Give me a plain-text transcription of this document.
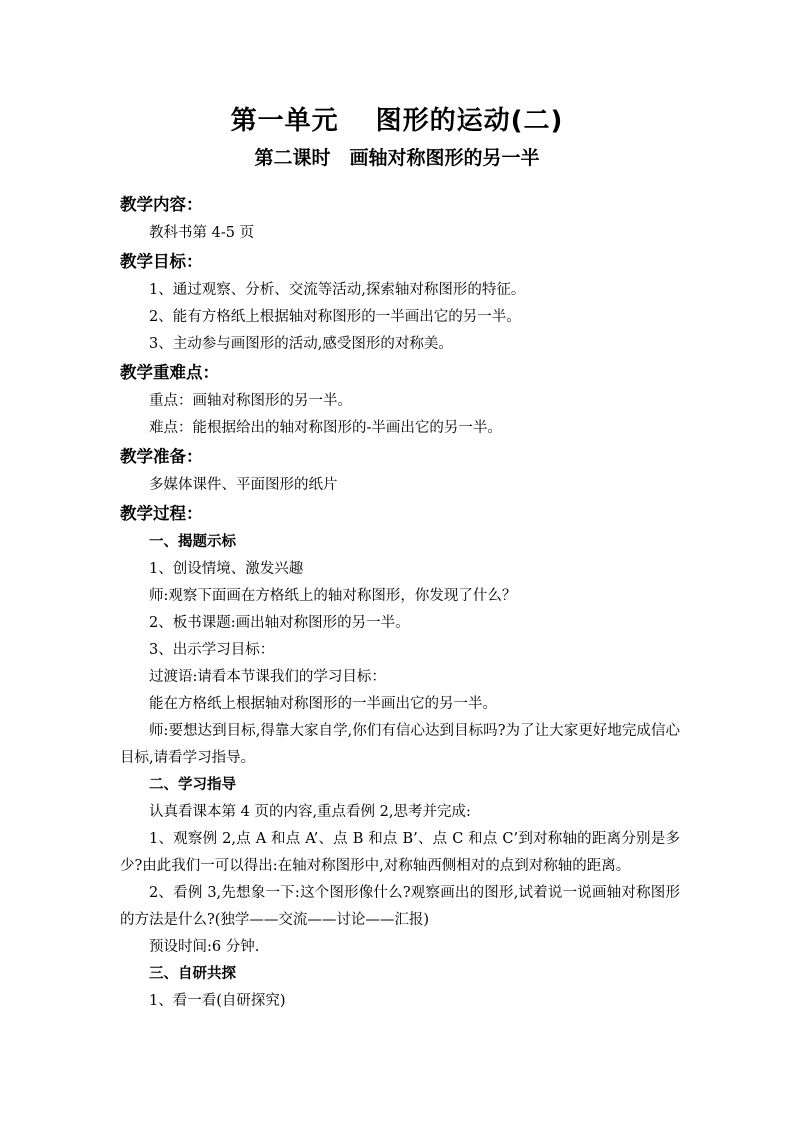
第一单元　 图形的运动(二)
第二课时　画轴对称图形的另一半
教学内容：
教科书第 4-5 页
教学目标：
1、通过观察、分析、交流等活动,探索轴对称图形的特征。
2、能有方格纸上根据轴对称图形的一半画出它的另一半。
3、主动参与画图形的活动,感受图形的对称美。
教学重难点：
重点：画轴对称图形的另一半。
难点：能根据给出的轴对称图形的-半画出它的另一半。
教学准备：
多媒体课件、平面图形的纸片
教学过程：
一、揭题示标
1、创设情境、激发兴趣
师:观察下面画在方格纸上的轴对称图形，你发现了什么？
2、板书课题:画出轴对称图形的另一半。
3、出示学习目标：
过渡语:请看本节课我们的学习目标：
能在方格纸上根据轴对称图形的一半画出它的另一半。
师:要想达到目标,得靠大家自学,你们有信心达到目标吗?为了让大家更好地完成信心目标,请看学习指导。
二、学习指导
认真看课本第 4 页的内容,重点看例 2,思考并完成:
1、观察例 2,点 A 和点 A’、点 B 和点 B’、点 C 和点 C’到对称轴的距离分别是多少?由此我们一可以得出:在轴对称图形中,对称轴西侧相对的点到对称轴的距离。
2、看例 3,先想象一下:这个图形像什么?观察画出的图形,试着说一说画轴对称图形的方法是什么?(独学——交流——讨论——汇报)
预设时间:6 分钟.
三、自研共探
1、看一看(自研探究)
